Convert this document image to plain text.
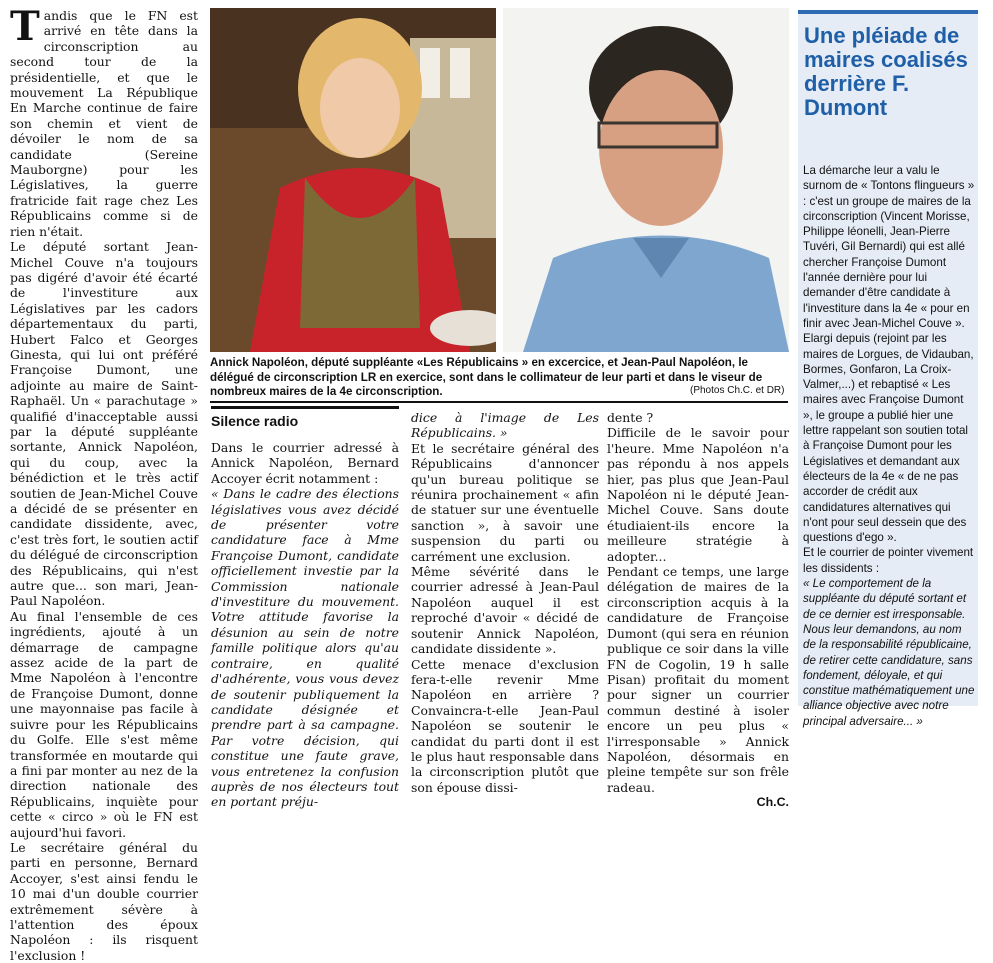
T andis que le FN est arrivé en tête dans la circonscription au second tour de la présidentielle, et que le mouvement La République En Marche continue de faire son chemin et vient de dévoiler le nom de sa candidate (Sereine Mauborgne) pour les Législatives, la guerre fratricide fait rage chez Les Républicains comme si de rien n'était.

Le député sortant Jean-Michel Couve n'a toujours pas digéré d'avoir été écarté de l'investiture aux Législatives par les cadors départementaux du parti, Hubert Falco et Georges Ginesta, qui lui ont préféré Françoise Dumont, une adjointe au maire de Saint-Raphaël. Un « parachutage » qualifié d'inacceptable aussi par la député suppléante sortante, Annick Napoléon, qui du coup, avec la bénédiction et le très actif soutien de Jean-Michel Couve a décidé de se présenter en candidate dissidente, avec, c'est très fort, le soutien actif du délégué de circonscription des Républicains, qui n'est autre que... son mari, Jean-Paul Napoléon.

Au final l'ensemble de ces ingrédients, ajouté à un démarrage de campagne assez acide de la part de Mme Napoléon à l'encontre de Françoise Dumont, donne une mayonnaise pas facile à suivre pour les Républicains du Golfe. Elle s'est même transformée en moutarde qui a fini par monter au nez de la direction nationale des Républicains, inquiète pour cette « circo » où le FN est aujourd'hui favori.

Le secrétaire général du parti en personne, Bernard Accoyer, s'est ainsi fendu le 10 mai d'un double courrier extrêmement sévère à l'attention des époux Napoléon : ils risquent l'exclusion !

Annick Napoléon, député suppléante «Les Républicains » en excercice, et Jean-Paul Napoléon, le délégué de circonscription LR en exercice, sont dans le collimateur de leur parti et dans le viseur de nombreux maires de la 4e circonscription.	(Photos Ch.C. et DR)
Silence radio

Dans le courrier adressé à Annick Napoléon, Bernard Accoyer écrit notamment :

« Dans le cadre des élections législatives vous avez décidé de présenter votre candidature face à Mme Françoise Dumont, candidate officiellement investie par la Commission nationale d'investiture du mouvement. Votre attitude favorise la désunion au sein de notre famille politique alors qu'au contraire, en qualité d'adhérente, vous vous devez de soutenir publiquement la candidate désignée et prendre part à sa campagne. Par votre décision, qui constitue une faute grave, vous entretenez la confusion auprès de nos électeurs tout en portant préju-

dice à l'image de Les Républicains. »

Et le secrétaire général des Républicains d'annoncer qu'un bureau politique se réunira prochainement « afin de statuer sur une éventuelle sanction », à savoir une suspension du parti ou carrément une exclusion.

Même sévérité dans le courrier adressé à Jean-Paul Napoléon auquel il est reproché d'avoir « décidé de soutenir Annick Napoléon, candidate dissidente ».

Cette menace d'exclusion fera-t-elle revenir Mme Napoléon en arrière ? Convaincra-t-elle Jean-Paul Napoléon se soutenir le candidat du parti dont il est le plus haut responsable dans la circonscription plutôt que son épouse dissi-

dente ?

Difficile de le savoir pour l'heure. Mme Napoléon n'a pas répondu à nos appels hier, pas plus que Jean-Paul Napoléon ni le député Jean-Michel Couve. Sans doute étudiaient-ils encore la meilleure stratégie à adopter...

Pendant ce temps, une large délégation de maires de la circonscription acquis à la candidature de Françoise Dumont (qui sera en réunion publique ce soir dans la ville FN de Cogolin, 19 h salle Pisan) profitait du moment pour signer un courrier commun destiné à isoler encore un peu plus « l'irresponsable » Annick Napoléon, désormais en pleine tempête sur son frêle radeau.

Ch.C.

Une pléiade de maires coalisés derrière F. Dumont

La démarche leur a valu le surnom de « Tontons flingueurs » : c'est un groupe de maires de la circonscription (Vincent Morisse, Philippe léonelli, Jean-Pierre Tuvéri, Gil Bernardi) qui est allé chercher Françoise Dumont l'année dernière pour lui demander d'être candidate à l'investiture dans la 4e « pour en finir avec Jean-Michel Couve ».

Elargi depuis (rejoint par les maires de Lorgues, de Vidauban, Bormes, Gonfaron, La Croix-Valmer,...) et rebaptisé « Les maires avec Françoise Dumont », le groupe a publié hier une lettre rappelant son soutien total à Françoise Dumont pour les Législatives et demandant aux électeurs de la 4e « de ne pas accorder de crédit aux candidatures alternatives qui n'ont pour seul dessein que des questions d'ego ».

Et le courrier de pointer vivement les dissidents :

« Le comportement de la suppléante du député sortant et de ce dernier est irresponsable. Nous leur demandons, au nom de la responsabilité républicaine, de retirer cette candidature, sans fondement, déloyale, et qui constitue mathématiquement une alliance objective avec notre principal adversaire... »
